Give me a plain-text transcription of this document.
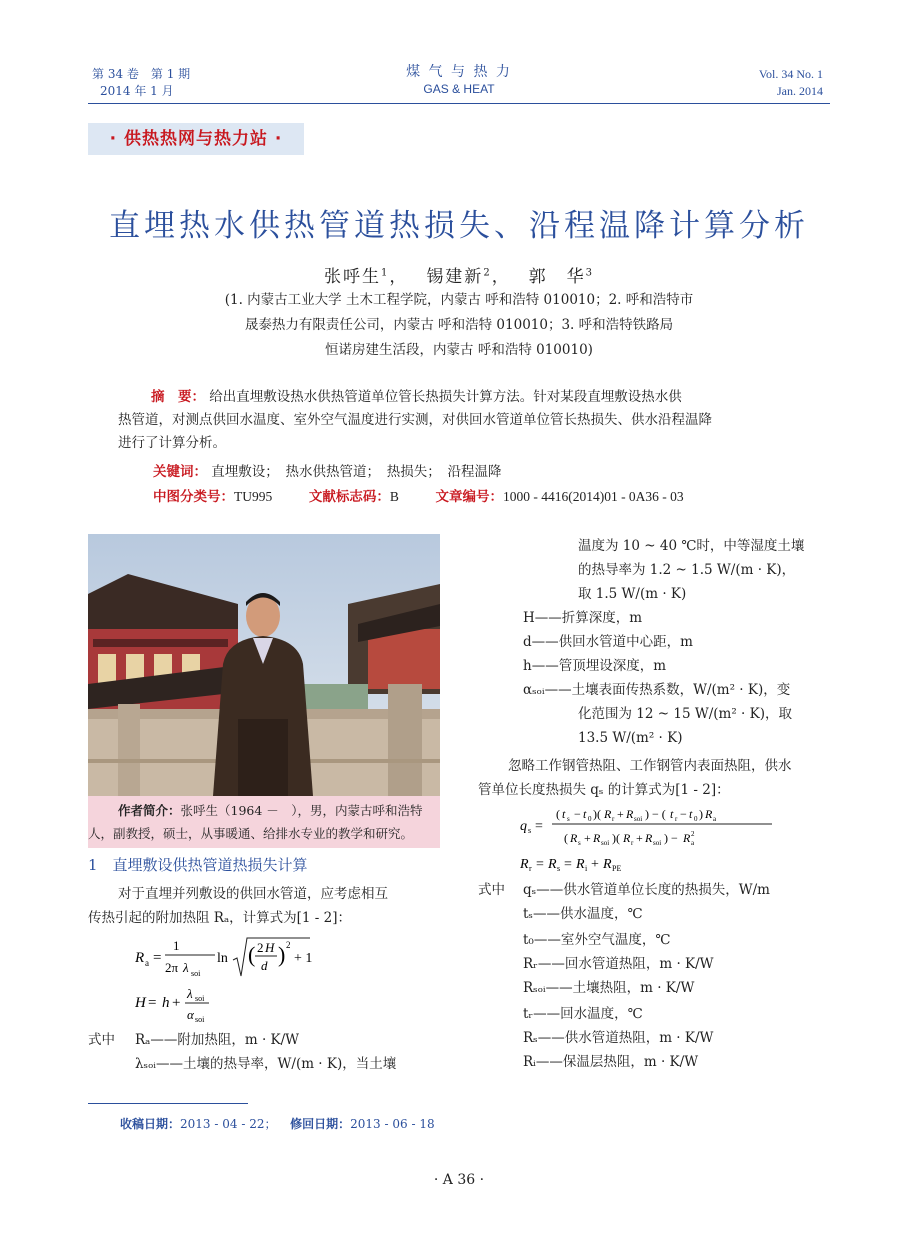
第 34 卷　第 1 期
2014 年 1 月
煤 气 与 热 力
GAS & HEAT
Vol. 34 No. 1
Jan. 2014
· 供热热网与热力站 ·
直埋热水供热管道热损失、沿程温降计算分析
张呼生$^1$，　 锡建新$^2$，　 郭　华$^3$
(1. 内蒙古工业大学 土木工程学院，内蒙古 呼和浩特 010010；2. 呼和浩特市
晟泰热力有限责任公司，内蒙古 呼和浩特 010010；3. 呼和浩特铁路局
恒诺房建生活段，内蒙古 呼和浩特 010010)
摘　要： 给出直埋敷设热水供热管道单位管长热损失计算方法。针对某段直埋敷设热水供
热管道，对测点供回水温度、室外空气温度进行实测，对供回水管道单位管长热损失、供水沿程温降
进行了计算分析。
关键词： 直埋敷设；　热水供热管道；　热损失；　沿程温降
中图分类号：TU995	文献标志码：B	文章编号：1000 - 4416(2014)01 - 0A36 - 03
作者简介：张呼生（1964 －　），男，内蒙古呼和浩特
人，副教授，硕士，从事暖通、给排水专业的教学和研究。
1　直埋敷设供热管道热损失计算
对于直埋并列敷设的供回水管道，应考虑相互
传热引起的附加热阻 Rₐ，计算式为[1 - 2]：
R a =
1
2π λ soi
ln ( 2 H
d ) 2
+ 1
H = h +
λ soi
α soi
式中 Rₐ——附加热阻，m · K/W
λₛₒᵢ——土壤的热导率，W/(m · K)，当土壤
温度为 10 ~ 40 ℃时，中等湿度土壤
的热导率为 1.2 ~ 1.5 W/(m · K)，
取 1.5 W/(m · K)
H——折算深度，m
d——供回水管道中心距，m
h——管顶埋设深度，m
αₛₒᵢ——土壤表面传热系数，W/(m² · K)，变
化范围为 12 ~ 15 W/(m² · K)，取
13.5 W/(m² · K)
忽略工作钢管热阻、工作钢管内表面热阻，供水
管单位长度热损失 qₛ 的计算式为[1 - 2]：
q s =
( t s − t 0 )( R r + R soi ) − ( t r − t 0 ) R a
( R s + R soi )( R r + R soi ) − R a
2
R r = R s = R i + R PE
式中 qₛ——供水管道单位长度的热损失，W/m
tₛ——供水温度，℃
t₀——室外空气温度，℃
Rᵣ——回水管道热阻，m · K/W
Rₛₒᵢ——土壤热阻，m · K/W
tᵣ——回水温度，℃
Rₛ——供水管道热阻，m · K/W
Rᵢ——保温层热阻，m · K/W
收稿日期：2013 - 04 - 22； 修回日期：2013 - 06 - 18
· A 36 ·
